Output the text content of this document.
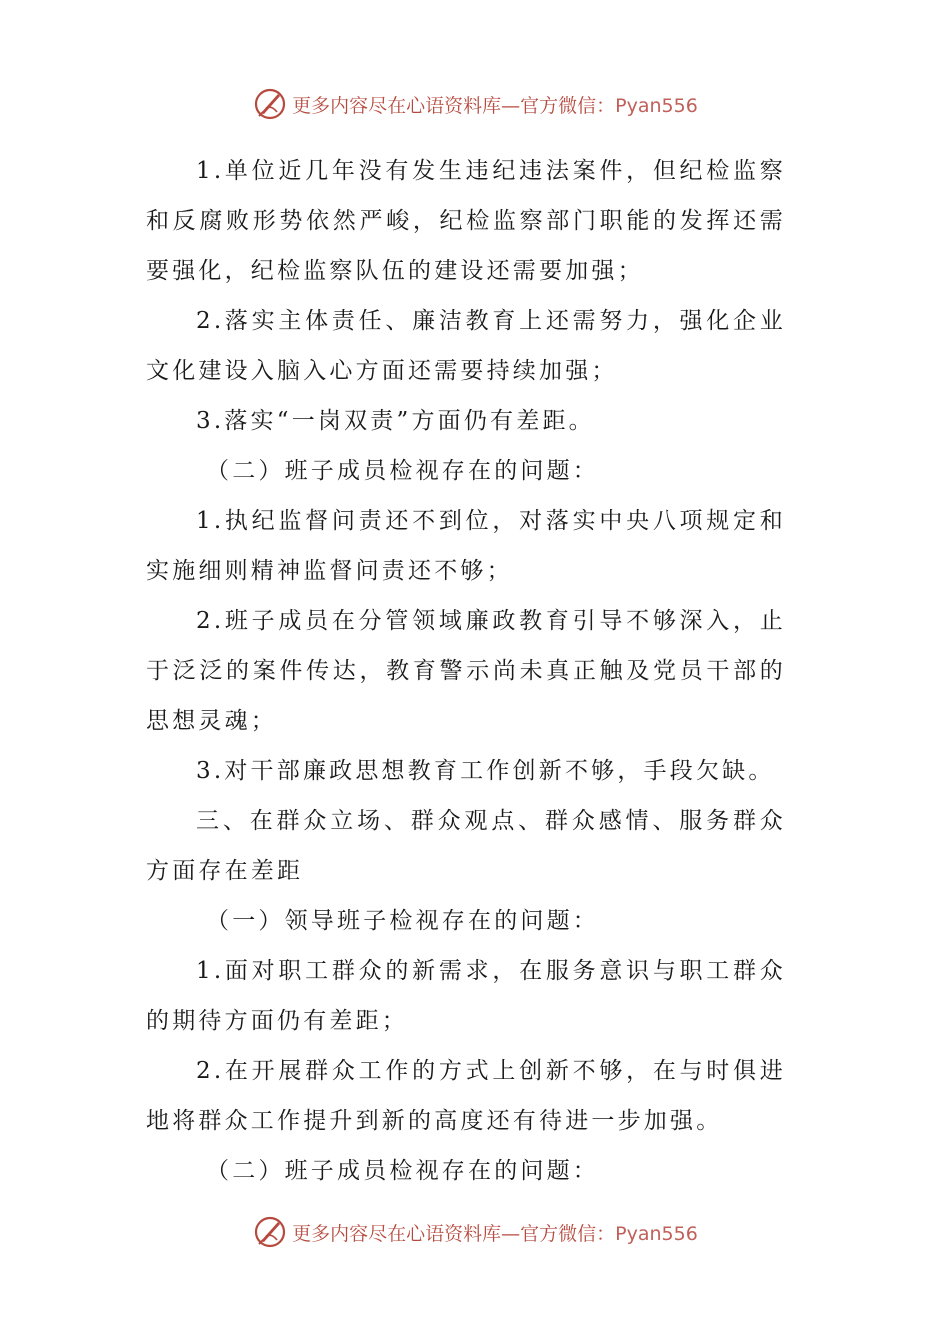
更多内容尽在心语资料库—官方微信：Pyan556

1.单位近几年没有发生违纪违法案件，但纪检监察和反腐败形势依然严峻，纪检监察部门职能的发挥还需要强化，纪检监察队伍的建设还需要加强；

2.落实主体责任、廉洁教育上还需努力，强化企业文化建设入脑入心方面还需要持续加强；

3.落实“一岗双责”方面仍有差距。

（二）班子成员检视存在的问题：

1.执纪监督问责还不到位，对落实中央八项规定和实施细则精神监督问责还不够；

2.班子成员在分管领域廉政教育引导不够深入，止于泛泛的案件传达，教育警示尚未真正触及党员干部的思想灵魂；

3.对干部廉政思想教育工作创新不够，手段欠缺。

三、在群众立场、群众观点、群众感情、服务群众方面存在差距

（一）领导班子检视存在的问题：

1.面对职工群众的新需求，在服务意识与职工群众的期待方面仍有差距；

2.在开展群众工作的方式上创新不够，在与时俱进地将群众工作提升到新的高度还有待进一步加强。

（二）班子成员检视存在的问题：

更多内容尽在心语资料库—官方微信：Pyan556
